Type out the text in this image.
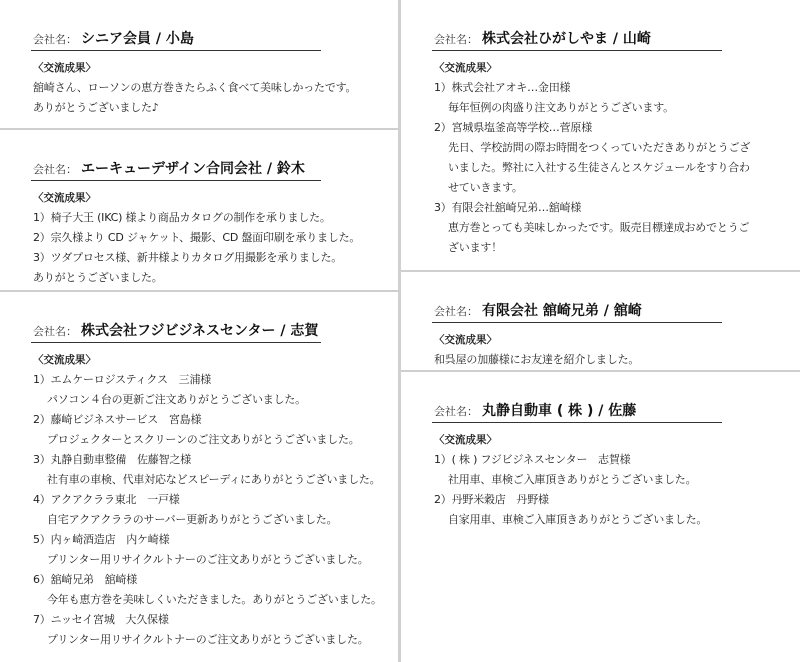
会社名： シニア会員 / 小島
〈交流成果〉
舘崎さん、ローソンの恵方巻きたらふく食べて美味しかったです。
ありがとうございました♪
会社名： エーキューデザイン合同会社 / 鈴木
〈交流成果〉
1）椅子大王 (IKC) 様より商品カタログの制作を承りました。
2）宗久様より CD ジャケット、撮影、CD 盤面印刷を承りました。
3）ツダプロセス様、新井様よりカタログ用撮影を承りました。
ありがとうございました。
会社名： 株式会社フジビジネスセンター / 志賀
〈交流成果〉
1）エムケーロジスティクス　三浦様
パソコン４台の更新ご注文ありがとうございました。
2）藤崎ビジネスサービス　宮島様
プロジェクターとスクリーンのご注文ありがとうございました。
3）丸静自動車整備　佐藤智之様
社有車の車検、代車対応などスピーディにありがとうございました。
4）アクアクララ東北　一戸様
自宅アクアクララのサーバー更新ありがとうございました。
5）内ヶ崎酒造店　内ケ崎様
プリンター用リサイクルトナーのご注文ありがとうございました。
6）舘崎兄弟　舘崎様
今年も恵方巻を美味しくいただきました。ありがとうございました。
7）ニッセイ宮城　大久保様
プリンター用リサイクルトナーのご注文ありがとうございました。
会社名： 株式会社ひがしやま / 山崎
〈交流成果〉
1）株式会社アオキ…金田様
毎年恒例の肉盛り注文ありがとうございます。
2）宮城県塩釜高等学校…菅原様
先日、学校訪問の際お時間をつくっていただきありがとうござ
いました。弊社に入社する生徒さんとスケジュールをすり合わ
せていきます。
3）有限会社舘崎兄弟…舘崎様
恵方巻とっても美味しかったです。販売目標達成おめでとうご
ざいます！
会社名： 有限会社 舘崎兄弟 / 舘崎
〈交流成果〉
和呉屋の加藤様にお友達を紹介しました。
会社名： 丸静自動車 ( 株 ) / 佐藤
〈交流成果〉
1）( 株 ) フジビジネスセンター　志賀様
社用車、車検ご入庫頂きありがとうございました。
2）丹野米穀店　丹野様
自家用車、車検ご入庫頂きありがとうございました。
